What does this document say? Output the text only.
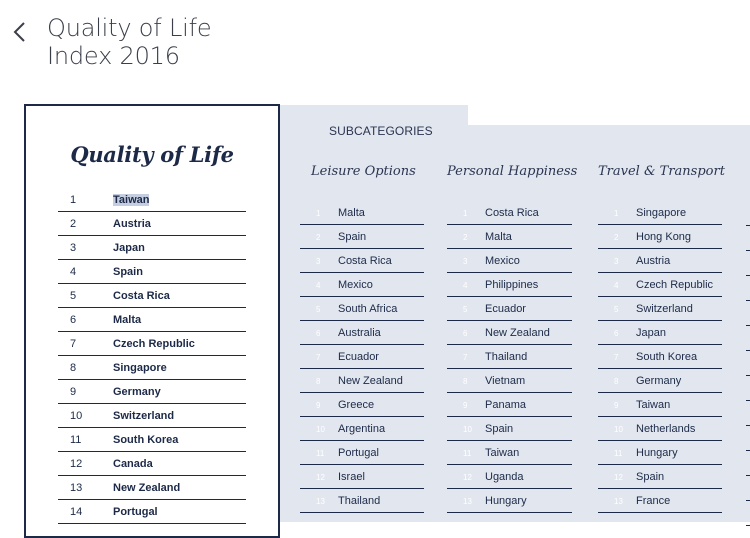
Quality of Life
Index 2016
Quality of Life
1	Taiwan
2	Austria
3	Japan
4	Spain
5	Costa Rica
6	Malta
7	Czech Republic
8	Singapore
9	Germany
10	Switzerland
11	South Korea
12	Canada
13	New Zealand
14	Portugal
SUBCATEGORIES
Leisure Options
1	Malta
2	Spain
3	Costa Rica
4	Mexico
5	South Africa
6	Australia
7	Ecuador
8	New Zealand
9	Greece
10	Argentina
11	Portugal
12	Israel
13	Thailand
Personal Happiness
1	Costa Rica
2	Malta
3	Mexico
4	Philippines
5	Ecuador
6	New Zealand
7	Thailand
8	Vietnam
9	Panama
10	Spain
11	Taiwan
12	Uganda
13	Hungary
Travel & Transport
1	Singapore
2	Hong Kong
3	Austria
4	Czech Republic
5	Switzerland
6	Japan
7	South Korea
8	Germany
9	Taiwan
10	Netherlands
11	Hungary
12	Spain
13	France
